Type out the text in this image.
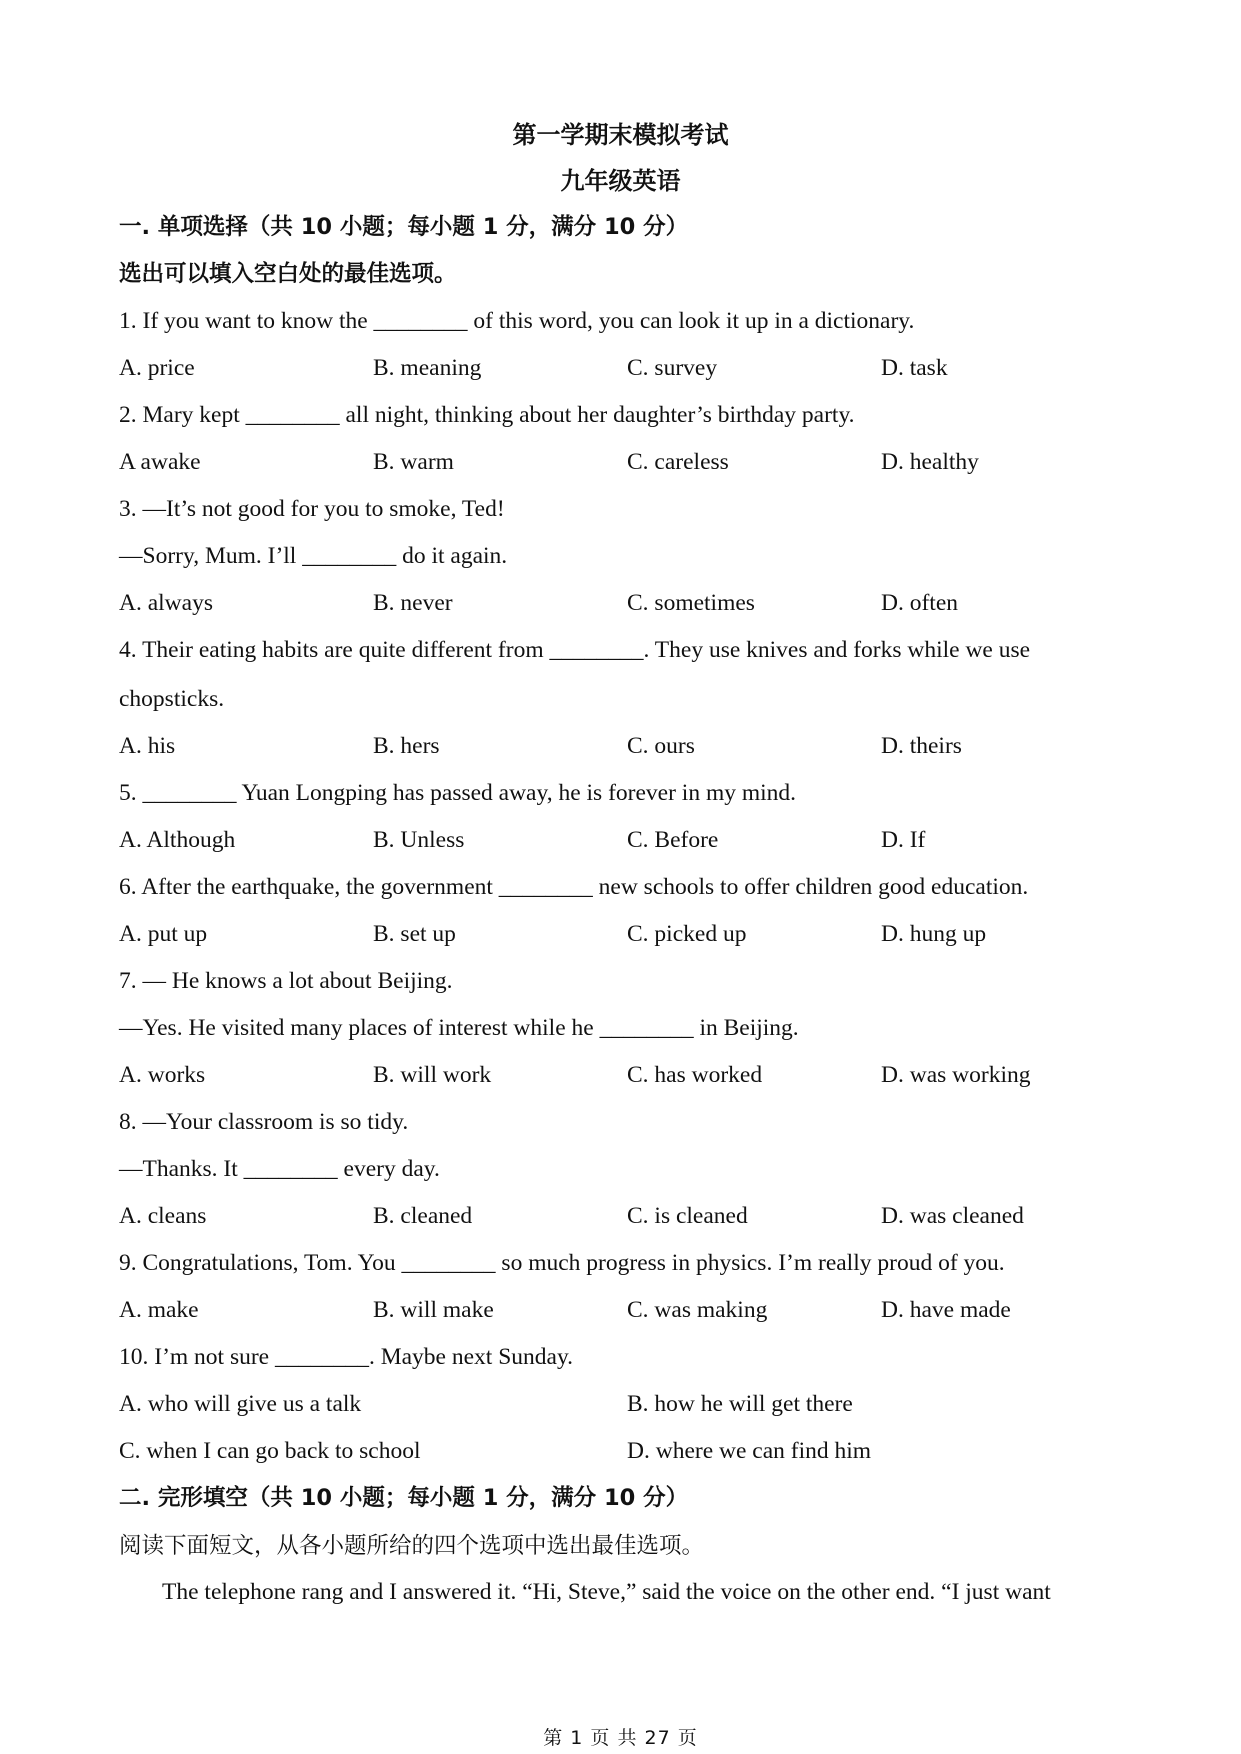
第一学期末模拟考试
九年级英语
一. 单项选择（共 10 小题；每小题 1 分，满分 10 分）
选出可以填入空白处的最佳选项。
1. If you want to know the ________ of this word, you can look it up in a dictionary.
A. price	B. meaning	C. survey	D. task
2. Mary kept ________ all night, thinking about her daughter’s birthday party.
A awake	B. warm	C. careless	D. healthy
3. —It’s not good for you to smoke, Ted!
—Sorry, Mum. I’ll ________ do it again.
A. always	B. never	C. sometimes	D. often
4. Their eating habits are quite different from ________. They use knives and forks while we use
chopsticks.
A. his	B. hers	C. ours	D. theirs
5. ________ Yuan Longping has passed away, he is forever in my mind.
A. Although	B. Unless	C. Before	D. If
6. After the earthquake, the government ________ new schools to offer children good education.
A. put up	B. set up	C. picked up	D. hung up
7. — He knows a lot about Beijing.
—Yes. He visited many places of interest while he ________ in Beijing.
A. works	B. will work	C. has worked	D. was working
8. —Your classroom is so tidy.
—Thanks. It ________ every day.
A. cleans	B. cleaned	C. is cleaned	D. was cleaned
9. Congratulations, Tom. You ________ so much progress in physics. I’m really proud of you.
A. make	B. will make	C. was making	D. have made
10. I’m not sure ________. Maybe next Sunday.
A. who will give us a talk	B. how he will get there
C. when I can go back to school	D. where we can find him
二. 完形填空（共 10 小题；每小题 1 分，满分 10 分）
阅读下面短文，从各小题所给的四个选项中选出最佳选项。
The telephone rang and I answered it. “Hi, Steve,” said the voice on the other end. “I just want
第 1 页 共 27 页
